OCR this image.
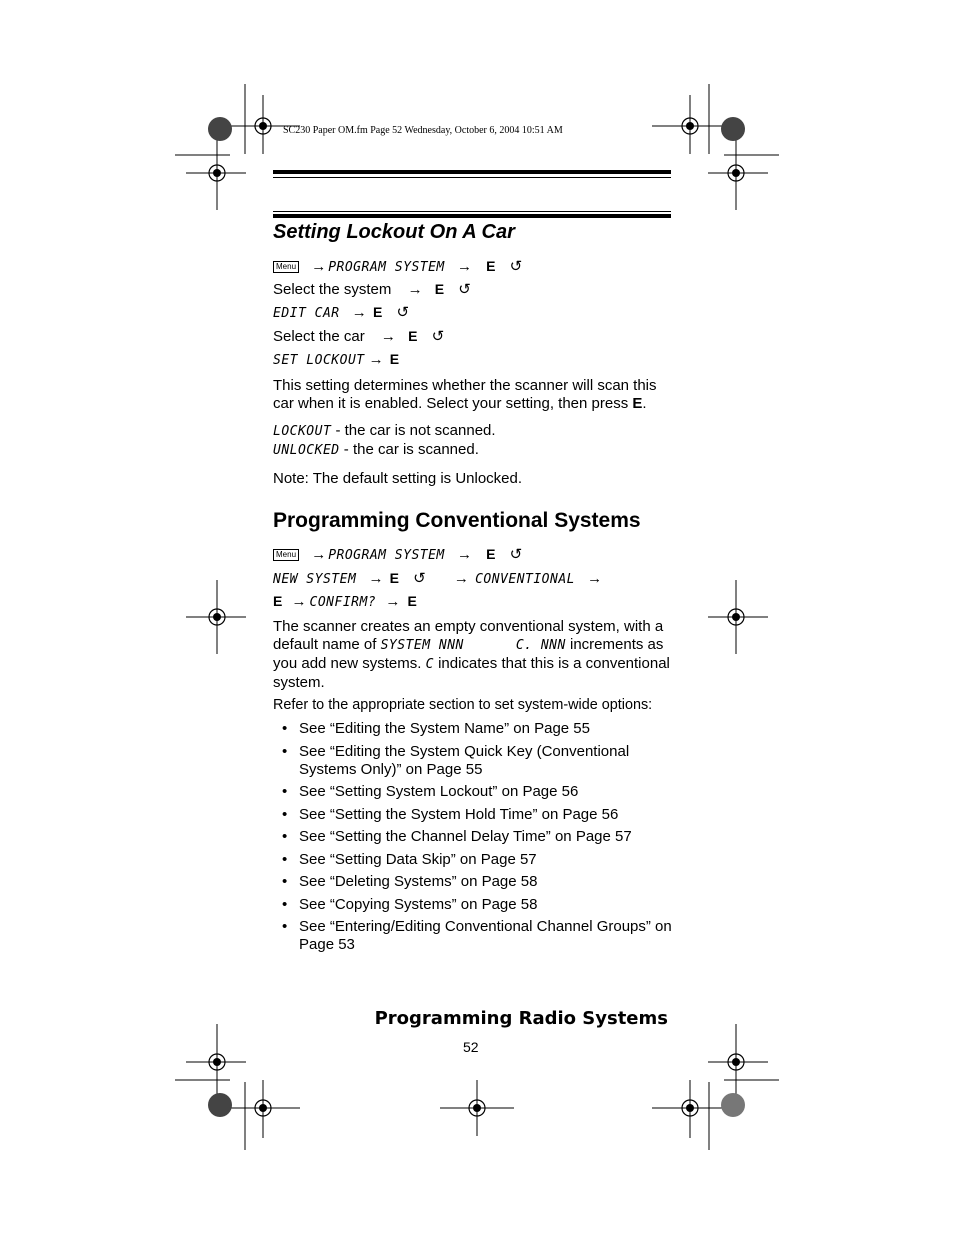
SC230 Paper OM.fm Page 52 Wednesday, October 6, 2004 10:51 AM
Setting Lockout On A Car
Menu → PROGRAM SYSTEM → E ↺
Select the system → E ↺
EDIT CAR → E ↺
Select the car → E ↺
SET LOCKOUT → E
This setting determines whether the scanner will scan this car when it is enabled. Select your setting, then press E.
LOCKOUT - the car is not scanned.
UNLOCKED - the car is scanned.
Note: The default setting is Unlocked.
Programming Conventional Systems
Menu → PROGRAM SYSTEM → E ↺
NEW SYSTEM → E ↺ → CONVENTIONAL →
E → CONFIRM? → E
The scanner creates an empty conventional system, with a default name of SYSTEM NNN	C. NNN increments as you add new systems. C indicates that this is a conventional system.
Refer to the appropriate section to set system-wide options:
• See “Editing the System Name” on Page 55
• See “Editing the System Quick Key (Conventional Systems Only)” on Page 55
• See “Setting System Lockout” on Page 56
• See “Setting the System Hold Time” on Page 56
• See “Setting the Channel Delay Time” on Page 57
• See “Setting Data Skip” on Page 57
• See “Deleting Systems” on Page 58
• See “Copying Systems” on Page 58
• See “Entering/Editing Conventional Channel Groups” on Page 53
Programming Radio Systems
52
